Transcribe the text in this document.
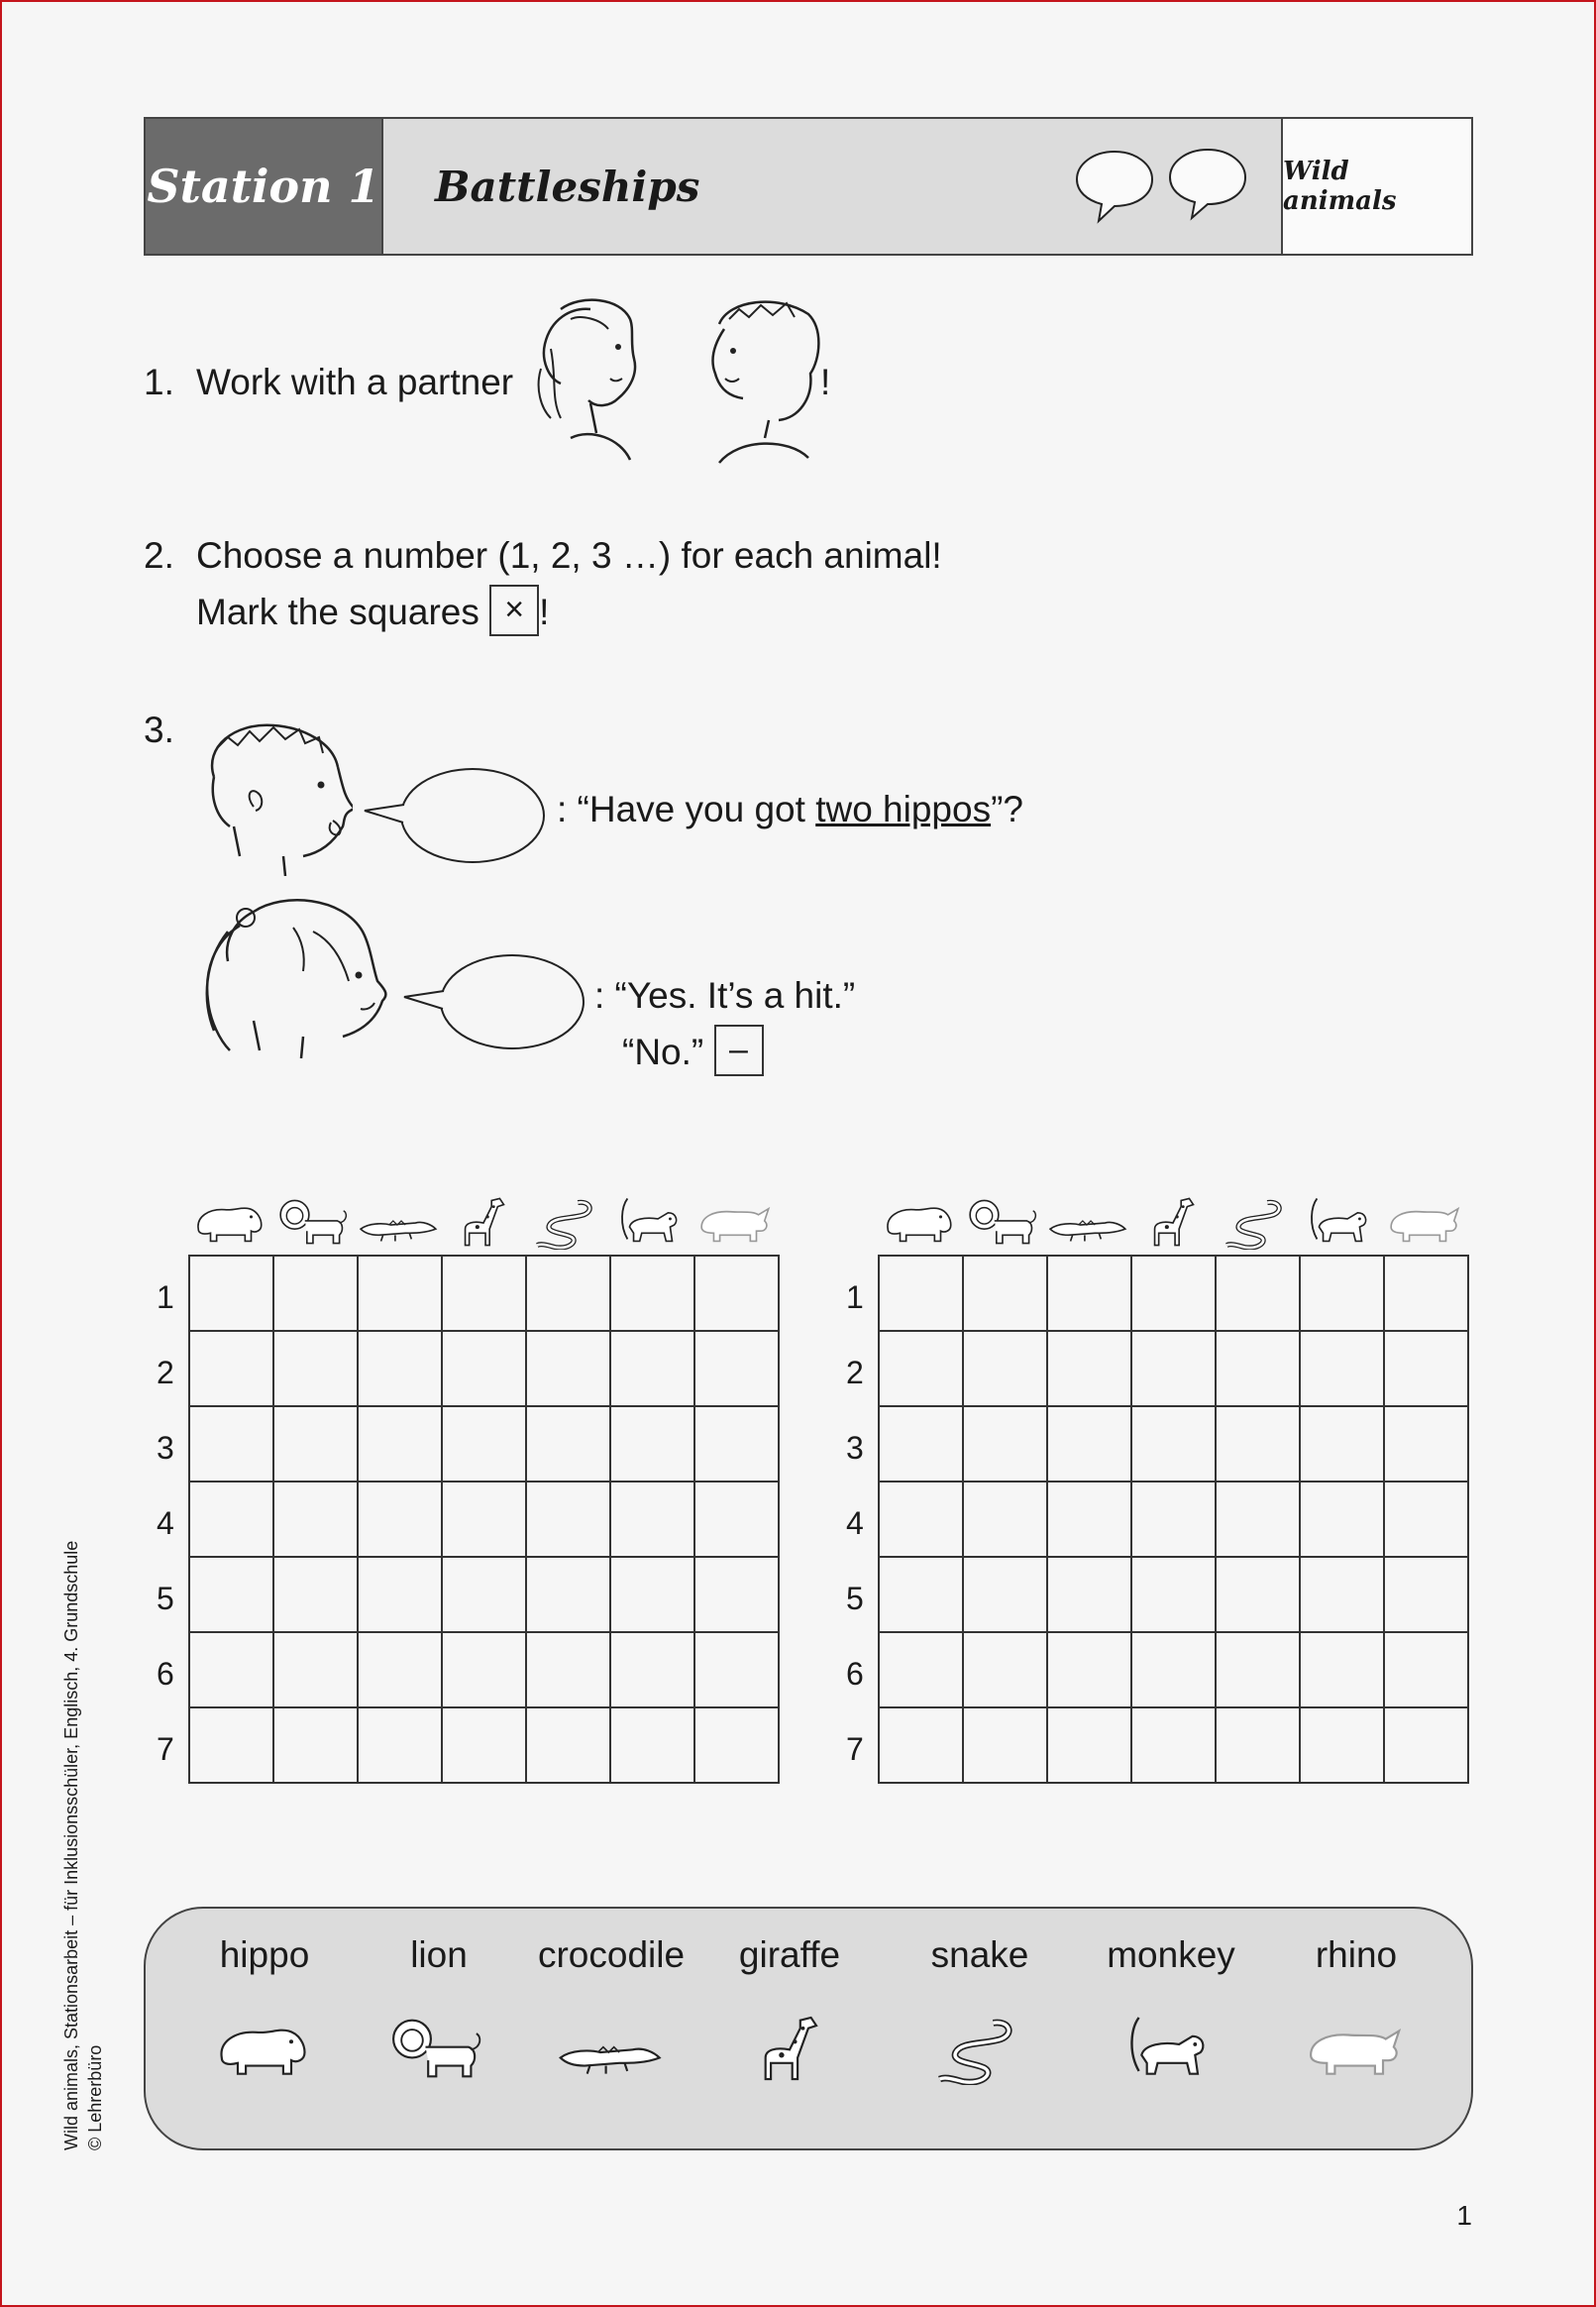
Station 1 Battleships	Wild animals
1. Work with a partner	!
2. Choose a number (1, 2, 3 …) for each animal!
Mark the squares × !
3.
: “Have you got two hippos”?
: “Yes. It’s a hit.”
“No.” –
1
2
3
4
5
6
7

1
2
3
4
5
6
7

hippo	lion crocodile giraffe snake monkey rhino
Wild animals, Stationsarbeit – für Inklusionsschüler, Englisch, 4. Grundschule © Lehrerbüro
1
